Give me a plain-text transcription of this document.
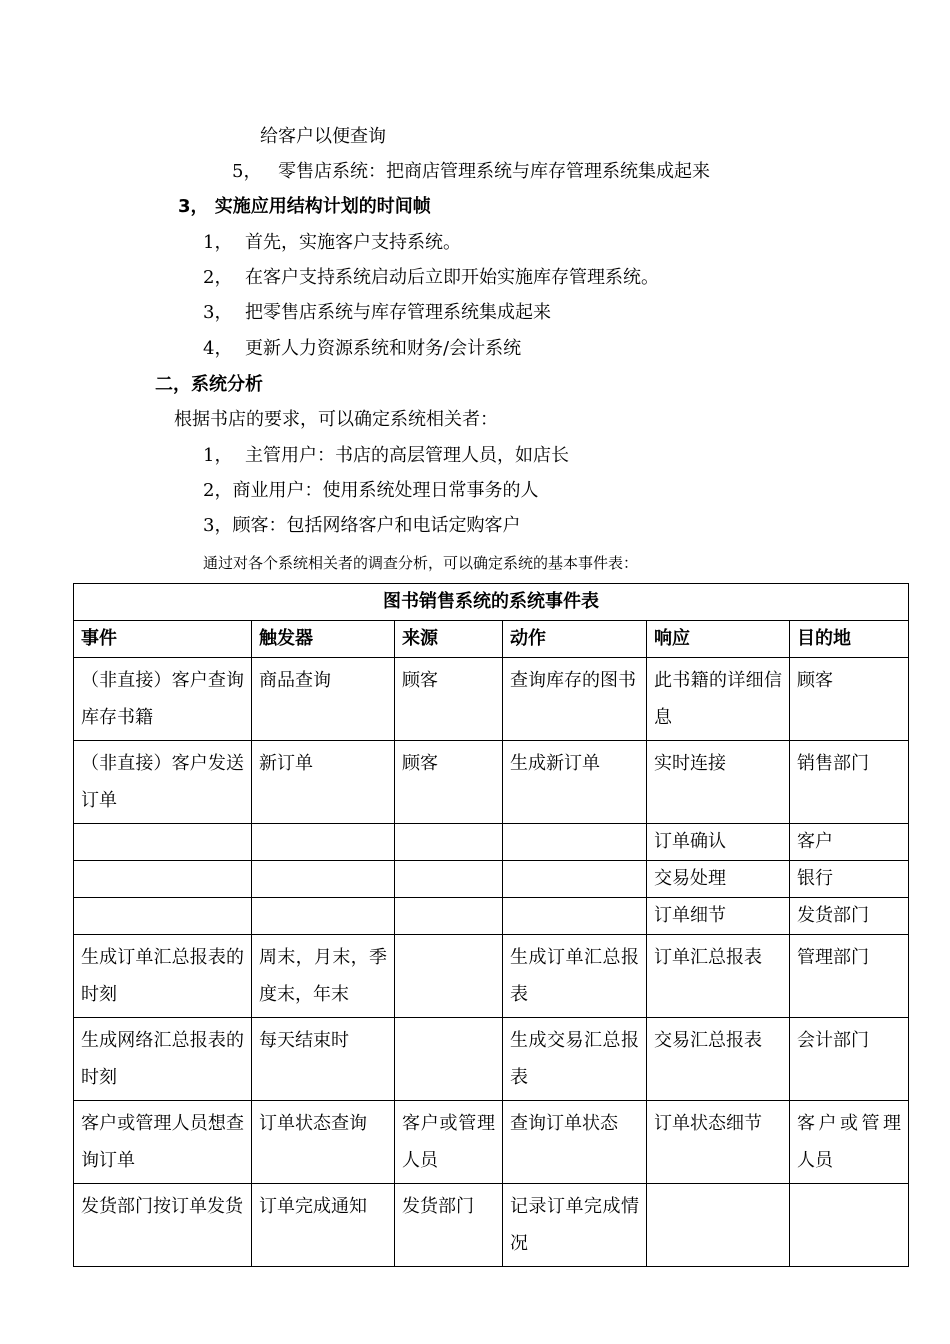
给客户以便查询
5， 零售店系统：把商店管理系统与库存管理系统集成起来
3， 实施应用结构计划的时间帧
1， 首先，实施客户支持系统。
2， 在客户支持系统启动后立即开始实施库存管理系统。
3， 把零售店系统与库存管理系统集成起来
4， 更新人力资源系统和财务/会计系统
二，系统分析
根据书店的要求，可以确定系统相关者：
1， 主管用户：书店的高层管理人员，如店长
2，商业用户：使用系统处理日常事务的人
3，顾客：包括网络客户和电话定购客户
通过对各个系统相关者的调查分析，可以确定系统的基本事件表：
图书销售系统的系统事件表					
事件	触发器	来源	动作	响应	目的地
（非直接）客户查询库存书籍	商品查询	顾客	查询库存的图书	此书籍的详细信息	顾客
（非直接）客户发送订单	新订单	顾客	生成新订单	实时连接	销售部门
				订单确认	客户
				交易处理	银行
				订单细节	发货部门
生成订单汇总报表的时刻	周末，月末，季度末，年末		生成订单汇总报表	订单汇总报表	管理部门
生成网络汇总报表的时刻	每天结束时		生成交易汇总报表	交易汇总报表	会计部门
客户或管理人员想查询订单	订单状态查询	客户或管理人员	查询订单状态	订单状态细节	客户或管理人员
发货部门按订单发货	订单完成通知	发货部门	记录订单完成情况		
